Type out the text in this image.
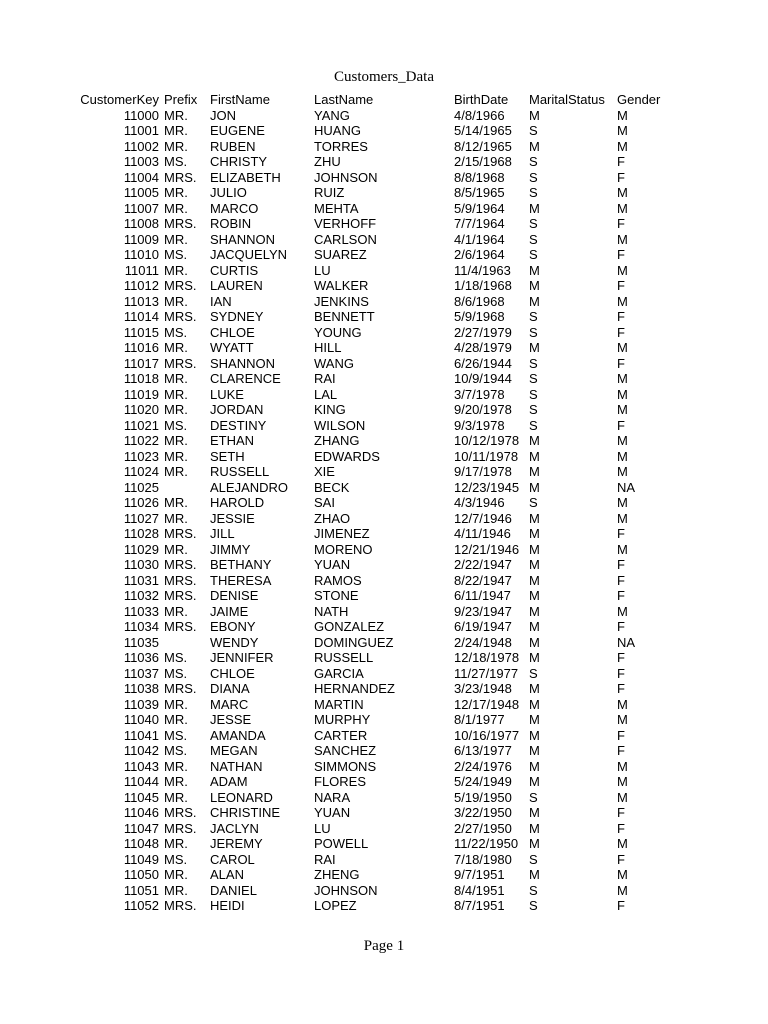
Customers_Data
CustomerKey	Prefix	FirstName	LastName	BirthDate	MaritalStatus	Gender
11000	MR.	JON	YANG	4/8/1966	M	M
11001	MR.	EUGENE	HUANG	5/14/1965	S	M
11002	MR.	RUBEN	TORRES	8/12/1965	M	M
11003	MS.	CHRISTY	ZHU	2/15/1968	S	F
11004	MRS.	ELIZABETH	JOHNSON	8/8/1968	S	F
11005	MR.	JULIO	RUIZ	8/5/1965	S	M
11007	MR.	MARCO	MEHTA	5/9/1964	M	M
11008	MRS.	ROBIN	VERHOFF	7/7/1964	S	F
11009	MR.	SHANNON	CARLSON	4/1/1964	S	M
11010	MS.	JACQUELYN	SUAREZ	2/6/1964	S	F
11011	MR.	CURTIS	LU	11/4/1963	M	M
11012	MRS.	LAUREN	WALKER	1/18/1968	M	F
11013	MR.	IAN	JENKINS	8/6/1968	M	M
11014	MRS.	SYDNEY	BENNETT	5/9/1968	S	F
11015	MS.	CHLOE	YOUNG	2/27/1979	S	F
11016	MR.	WYATT	HILL	4/28/1979	M	M
11017	MRS.	SHANNON	WANG	6/26/1944	S	F
11018	MR.	CLARENCE	RAI	10/9/1944	S	M
11019	MR.	LUKE	LAL	3/7/1978	S	M
11020	MR.	JORDAN	KING	9/20/1978	S	M
11021	MS.	DESTINY	WILSON	9/3/1978	S	F
11022	MR.	ETHAN	ZHANG	10/12/1978	M	M
11023	MR.	SETH	EDWARDS	10/11/1978	M	M
11024	MR.	RUSSELL	XIE	9/17/1978	M	M
11025		ALEJANDRO	BECK	12/23/1945	M	NA
11026	MR.	HAROLD	SAI	4/3/1946	S	M
11027	MR.	JESSIE	ZHAO	12/7/1946	M	M
11028	MRS.	JILL	JIMENEZ	4/11/1946	M	F
11029	MR.	JIMMY	MORENO	12/21/1946	M	M
11030	MRS.	BETHANY	YUAN	2/22/1947	M	F
11031	MRS.	THERESA	RAMOS	8/22/1947	M	F
11032	MRS.	DENISE	STONE	6/11/1947	M	F
11033	MR.	JAIME	NATH	9/23/1947	M	M
11034	MRS.	EBONY	GONZALEZ	6/19/1947	M	F
11035		WENDY	DOMINGUEZ	2/24/1948	M	NA
11036	MS.	JENNIFER	RUSSELL	12/18/1978	M	F
11037	MS.	CHLOE	GARCIA	11/27/1977	S	F
11038	MRS.	DIANA	HERNANDEZ	3/23/1948	M	F
11039	MR.	MARC	MARTIN	12/17/1948	M	M
11040	MR.	JESSE	MURPHY	8/1/1977	M	M
11041	MS.	AMANDA	CARTER	10/16/1977	M	F
11042	MS.	MEGAN	SANCHEZ	6/13/1977	M	F
11043	MR.	NATHAN	SIMMONS	2/24/1976	M	M
11044	MR.	ADAM	FLORES	5/24/1949	M	M
11045	MR.	LEONARD	NARA	5/19/1950	S	M
11046	MRS.	CHRISTINE	YUAN	3/22/1950	M	F
11047	MRS.	JACLYN	LU	2/27/1950	M	F
11048	MR.	JEREMY	POWELL	11/22/1950	M	M
11049	MS.	CAROL	RAI	7/18/1980	S	F
11050	MR.	ALAN	ZHENG	9/7/1951	M	M
11051	MR.	DANIEL	JOHNSON	8/4/1951	S	M
11052	MRS.	HEIDI	LOPEZ	8/7/1951	S	F
Page 1
